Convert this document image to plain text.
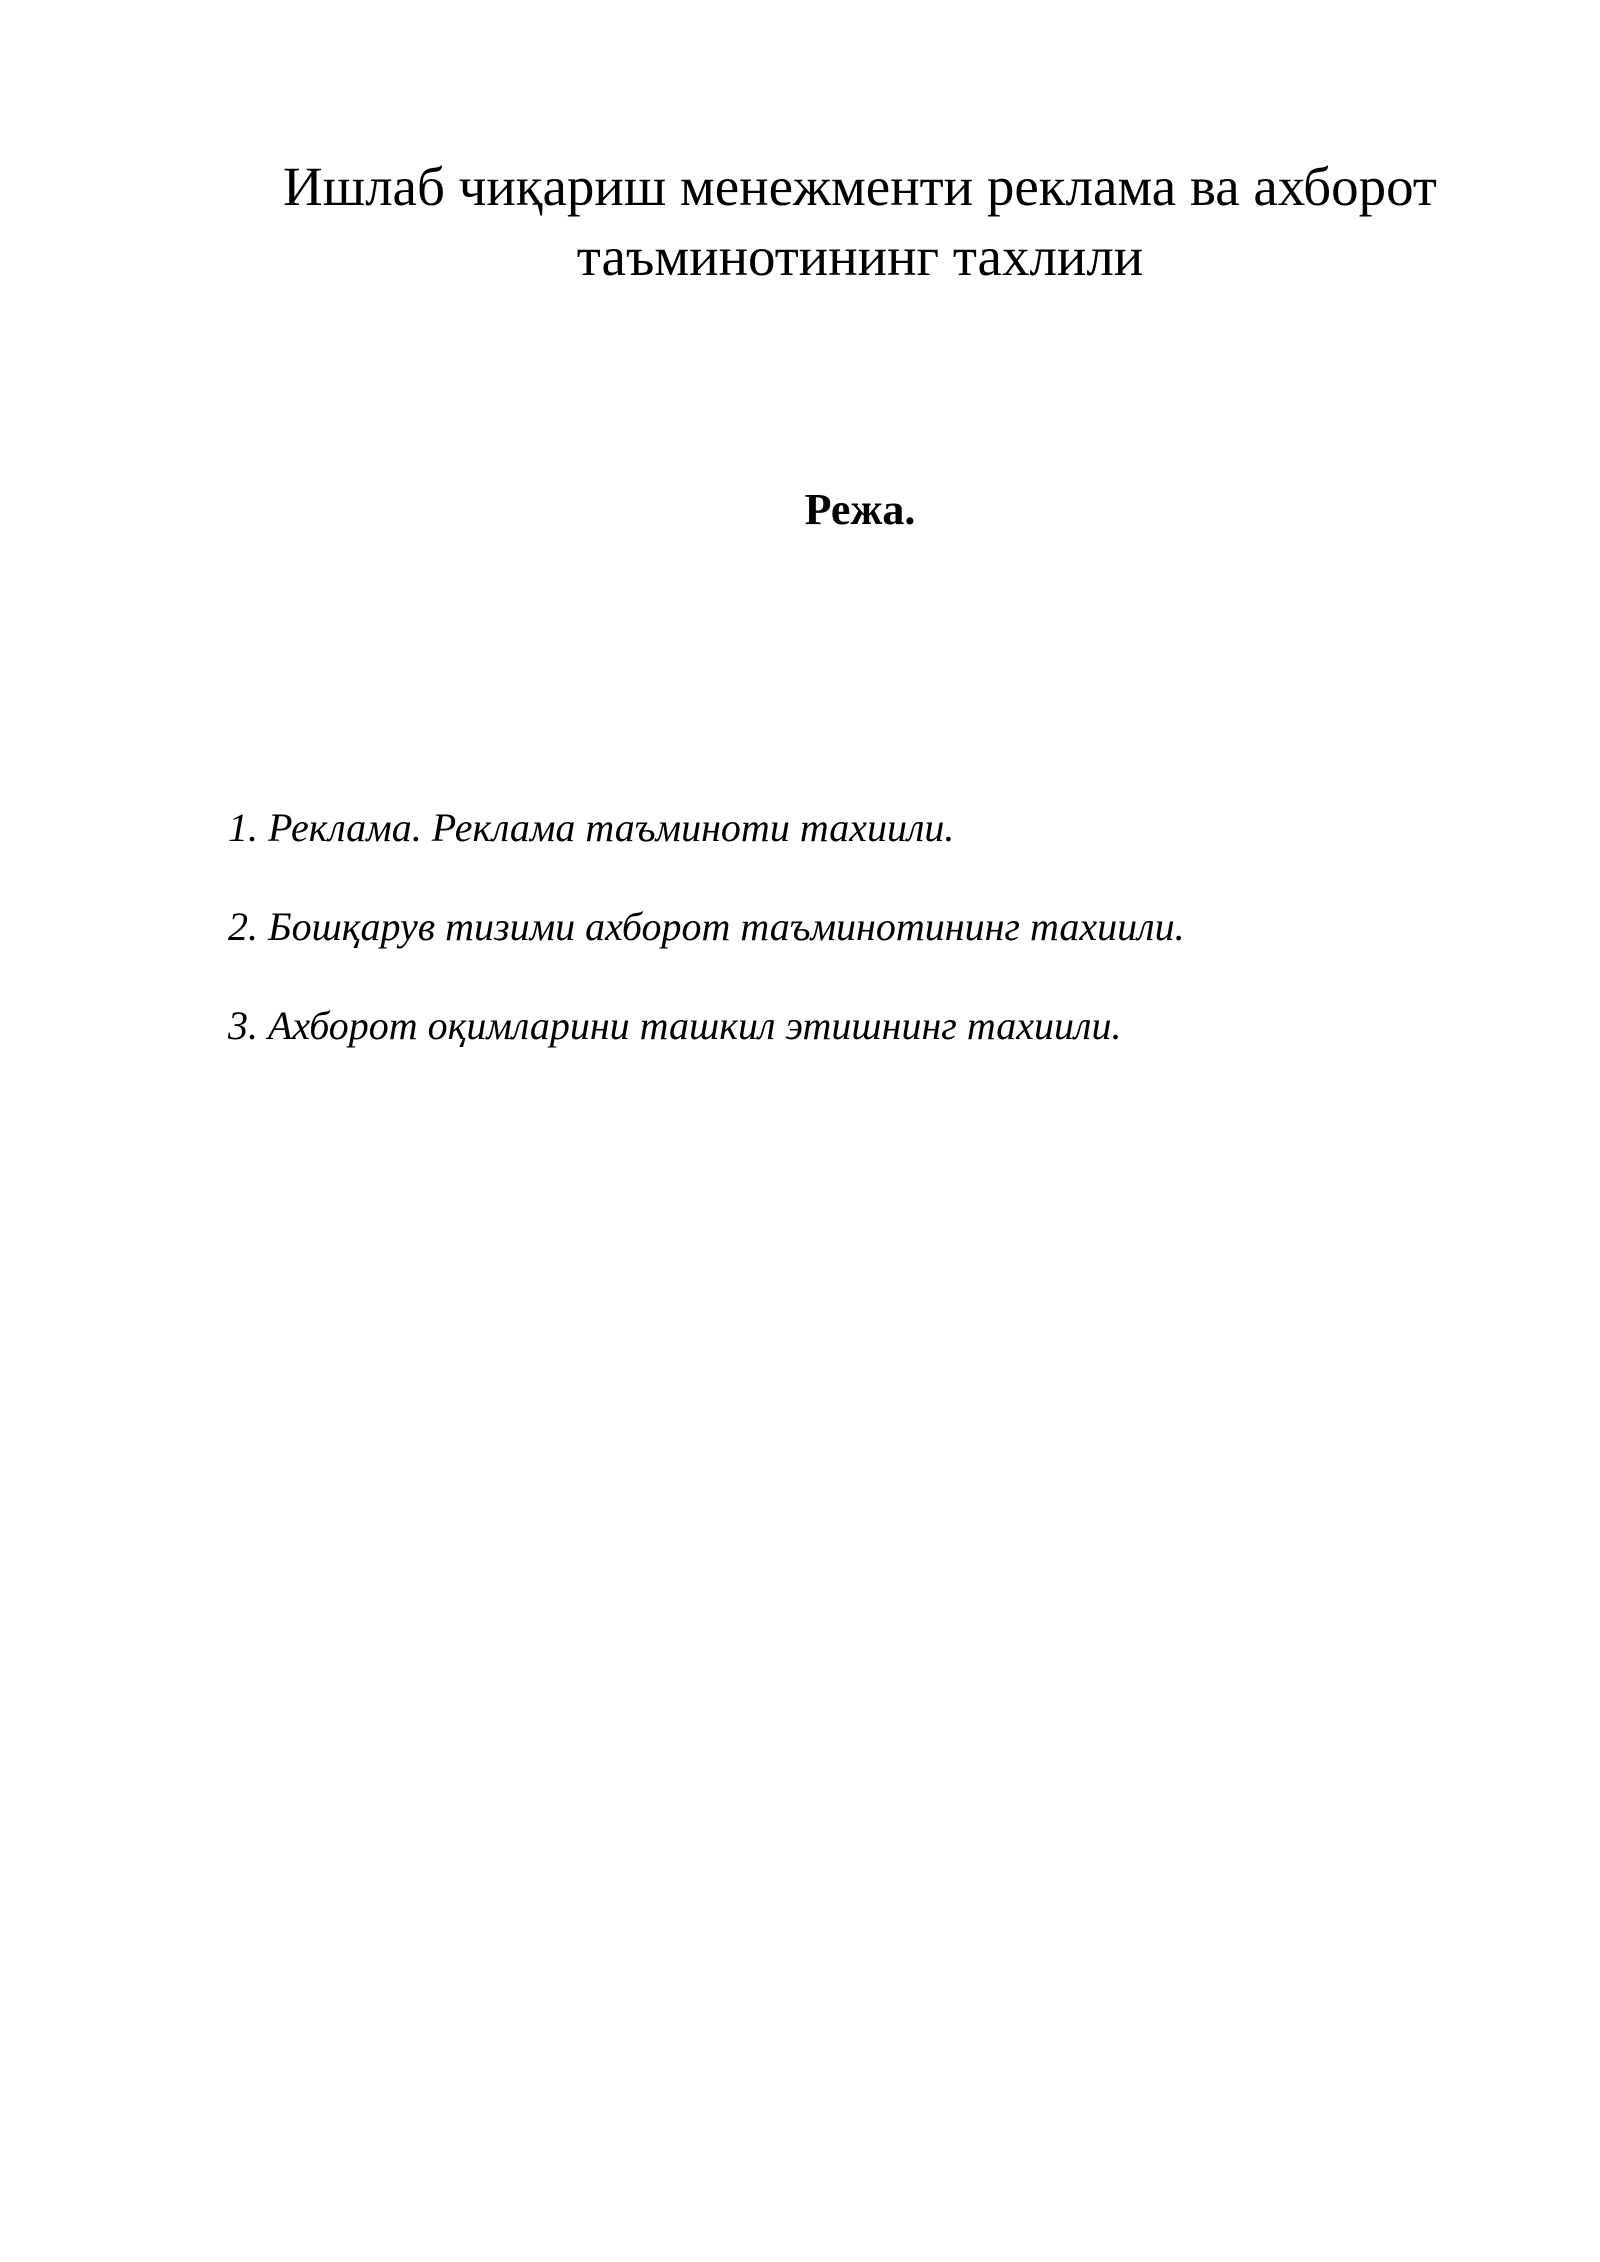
Ишлаб чиқариш менежменти реклама ва ахборот
таъминотининг тахлили
Режа.
1. Реклама. Реклама таъминоти тахиили.
2. Бошқарув тизими ахборот таъминотининг тахиили.
3. Ахборот оқимларини ташкил этишнинг тахиили.
